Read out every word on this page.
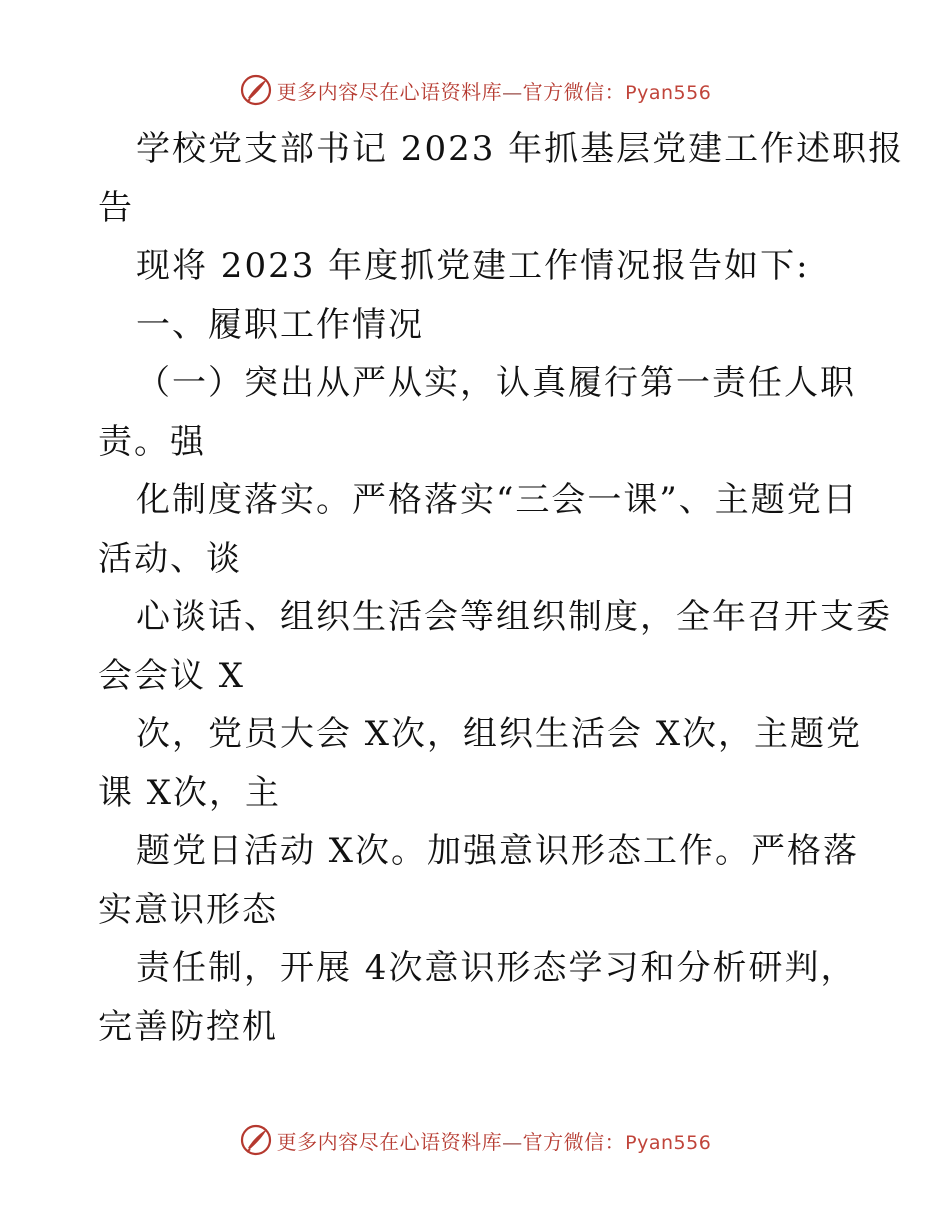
更多内容尽在心语资料库—官方微信：Pyan556
学校党支部书记 2023 年抓基层党建工作述职报
告
现将 2023 年度抓党建工作情况报告如下:
一、履职工作情况
（一）突出从严从实，认真履行第一责任人职
责。强
化制度落实。严格落实“三会一课”、主题党日
活动、谈
心谈话、组织生活会等组织制度，全年召开支委
会会议 X
次，党员大会 X次，组织生活会 X次，主题党
课 X次，主
题党日活动 X次。加强意识形态工作。严格落
实意识形态
责任制，开展 4次意识形态学习和分析研判，
完善防控机
更多内容尽在心语资料库—官方微信：Pyan556
